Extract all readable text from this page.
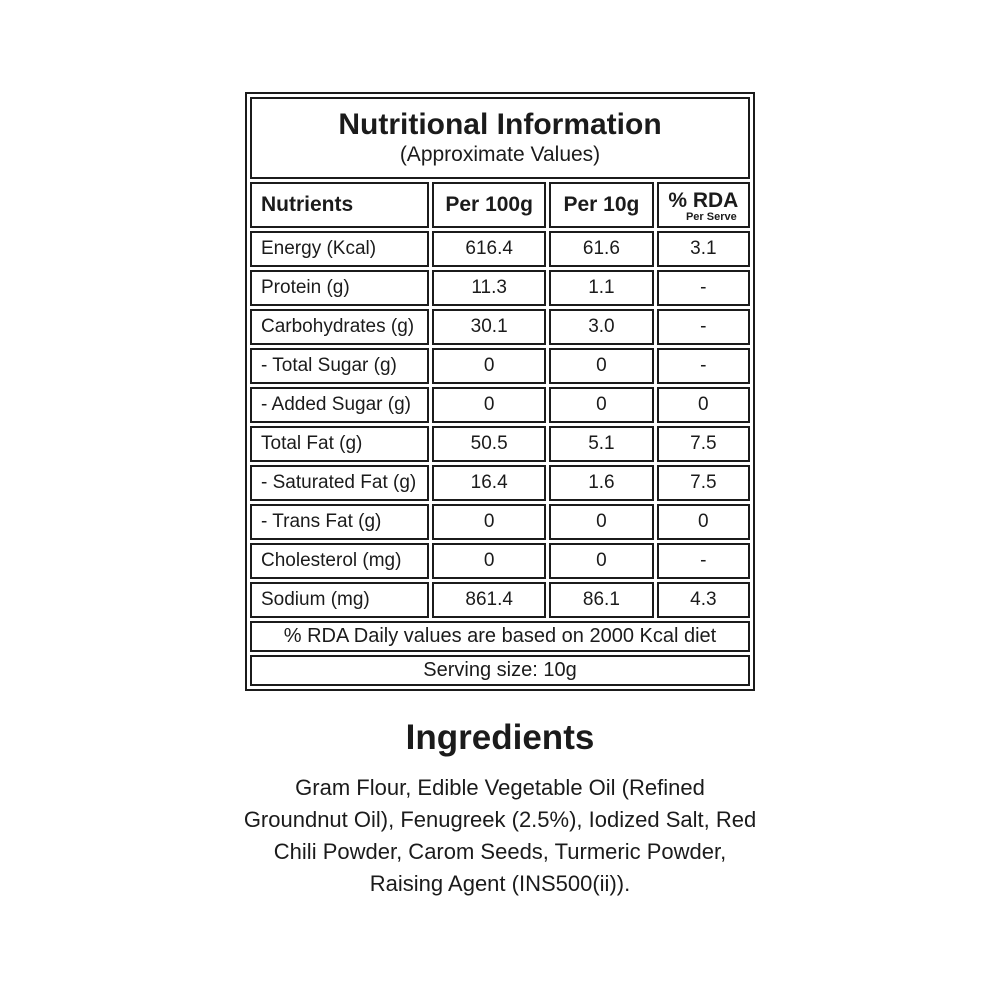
Nutritional Information
(Approximate Values)			

Nutrients	Per 100g	Per 10g	% RDA
Per Serve

Energy (Kcal)	616.4	61.6	3.1
Protein (g)	11.3	1.1	-
Carbohydrates (g)	30.1	3.0	-
- Total Sugar (g)	0	0	-
- Added Sugar (g)	0	0	0
Total Fat (g)	50.5	5.1	7.5
- Saturated Fat (g)	16.4	1.6	7.5
- Trans Fat (g)	0	0	0
Cholesterol (mg)	0	0	-
Sodium (mg)	861.4	86.1	4.3
% RDA Daily values are based on 2000 Kcal diet			
Serving size: 10g			
Ingredients
Gram Flour, Edible Vegetable Oil (Refined Groundnut Oil), Fenugreek (2.5%), Iodized Salt, Red Chili Powder, Carom Seeds, Turmeric Powder, Raising Agent (INS500(ii)).
